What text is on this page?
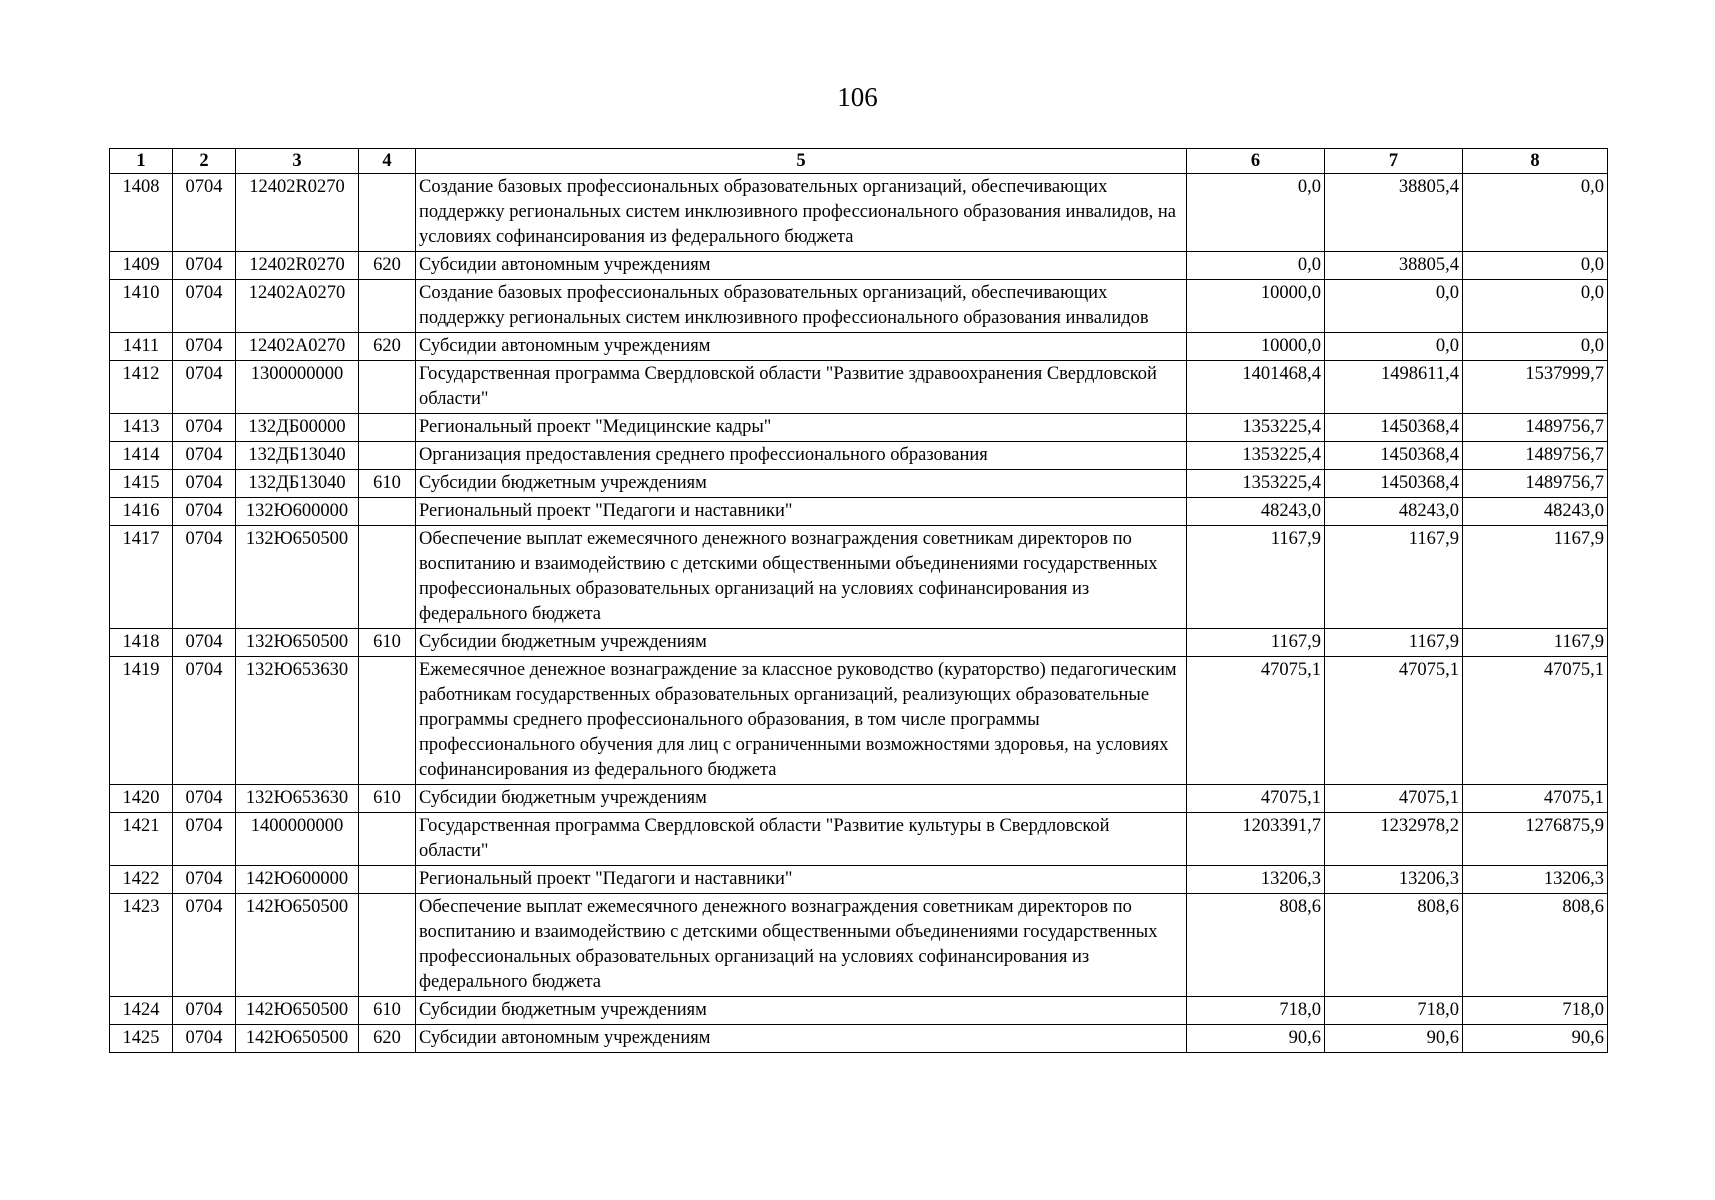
106
1	2	3	4	5	6	7	8
1408	0704	12402R0270		Создание базовых профессиональных образовательных организаций, обеспечивающих поддержку региональных систем инклюзивного профессионального образования инвалидов, на условиях софинансирования из федерального бюджета	0,0	38805,4	0,0
1409	0704	12402R0270	620	Субсидии автономным учреждениям	0,0	38805,4	0,0
1410	0704	12402A0270		Создание базовых профессиональных образовательных организаций, обеспечивающих поддержку региональных систем инклюзивного профессионального образования инвалидов	10000,0	0,0	0,0
1411	0704	12402A0270	620	Субсидии автономным учреждениям	10000,0	0,0	0,0
1412	0704	1300000000		Государственная программа Свердловской области "Развитие здравоохранения Свердловской области"	1401468,4	1498611,4	1537999,7
1413	0704	132ДБ00000		Региональный проект "Медицинские кадры"	1353225,4	1450368,4	1489756,7
1414	0704	132ДБ13040		Организация предоставления среднего профессионального образования	1353225,4	1450368,4	1489756,7
1415	0704	132ДБ13040	610	Субсидии бюджетным учреждениям	1353225,4	1450368,4	1489756,7
1416	0704	132Ю600000		Региональный проект "Педагоги и наставники"	48243,0	48243,0	48243,0
1417	0704	132Ю650500		Обеспечение выплат ежемесячного денежного вознаграждения советникам директоров по воспитанию и взаимодействию с детскими общественными объединениями государственных профессиональных образовательных организаций на условиях софинансирования из федерального бюджета	1167,9	1167,9	1167,9
1418	0704	132Ю650500	610	Субсидии бюджетным учреждениям	1167,9	1167,9	1167,9
1419	0704	132Ю653630		Ежемесячное денежное вознаграждение за классное руководство (кураторство) педагогическим работникам государственных образовательных организаций, реализующих образовательные программы среднего профессионального образования, в том числе программы профессионального обучения для лиц с ограниченными возможностями здоровья, на условиях софинансирования из федерального бюджета	47075,1	47075,1	47075,1
1420	0704	132Ю653630	610	Субсидии бюджетным учреждениям	47075,1	47075,1	47075,1
1421	0704	1400000000		Государственная программа Свердловской области "Развитие культуры в Свердловской области"	1203391,7	1232978,2	1276875,9
1422	0704	142Ю600000		Региональный проект "Педагоги и наставники"	13206,3	13206,3	13206,3
1423	0704	142Ю650500		Обеспечение выплат ежемесячного денежного вознаграждения советникам директоров по воспитанию и взаимодействию с детскими общественными объединениями государственных профессиональных образовательных организаций на условиях софинансирования из федерального бюджета	808,6	808,6	808,6
1424	0704	142Ю650500	610	Субсидии бюджетным учреждениям	718,0	718,0	718,0
1425	0704	142Ю650500	620	Субсидии автономным учреждениям	90,6	90,6	90,6
